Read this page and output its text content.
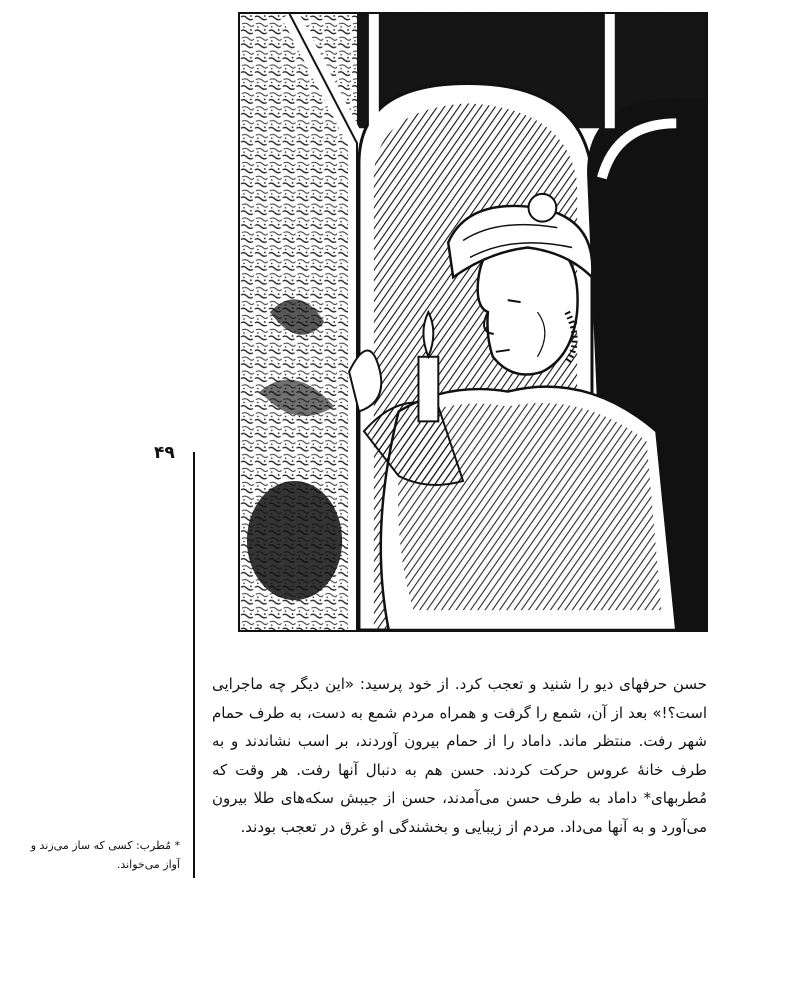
۴۹

حسن حرفهای دیو را شنید و تعجب کرد. از خود پرسید: «این دیگر چه ماجرایی است؟!» بعد از آن، شمع را گرفت و همراه مردم شمع به دست، به طرف حمام شهر رفت. منتظر ماند. داماد را از حمام بیرون آوردند، بر اسب نشاندند و به طرف خانهٔ عروس حرکت کردند. حسن هم به دنبال آنها رفت. هر وقت که مُطربهای* داماد به طرف حسن می‌آمدند، حسن از جیبش سکه‌های طلا بیرون می‌آورد و به آنها می‌داد. مردم از زیبایی و بخشندگی او غرق در تعجب بودند.

* مُطرب: کسی که ساز می‌زند و آواز می‌خواند.
